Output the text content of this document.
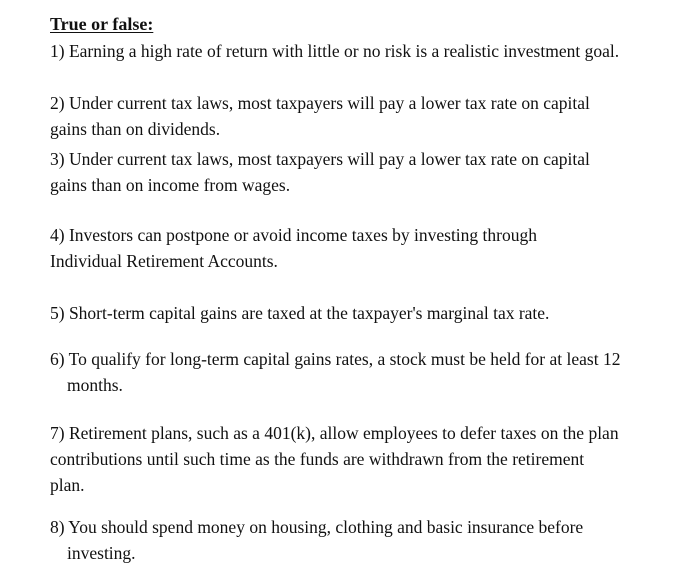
True or false:
1) Earning a high rate of return with little or no risk is a realistic investment goal.
2) Under current tax laws, most taxpayers will pay a lower tax rate on capital
gains than on dividends.
3) Under current tax laws, most taxpayers will pay a lower tax rate on capital
gains than on income from wages.
4) Investors can postpone or avoid income taxes by investing through
Individual Retirement Accounts.
5) Short-term capital gains are taxed at the taxpayer's marginal tax rate.
6) To qualify for long-term capital gains rates, a stock must be held for at least 12
months.
7) Retirement plans, such as a 401(k), allow employees to defer taxes on the plan
contributions until such time as the funds are withdrawn from the retirement
plan.
8) You should spend money on housing, clothing and basic insurance before
investing.
